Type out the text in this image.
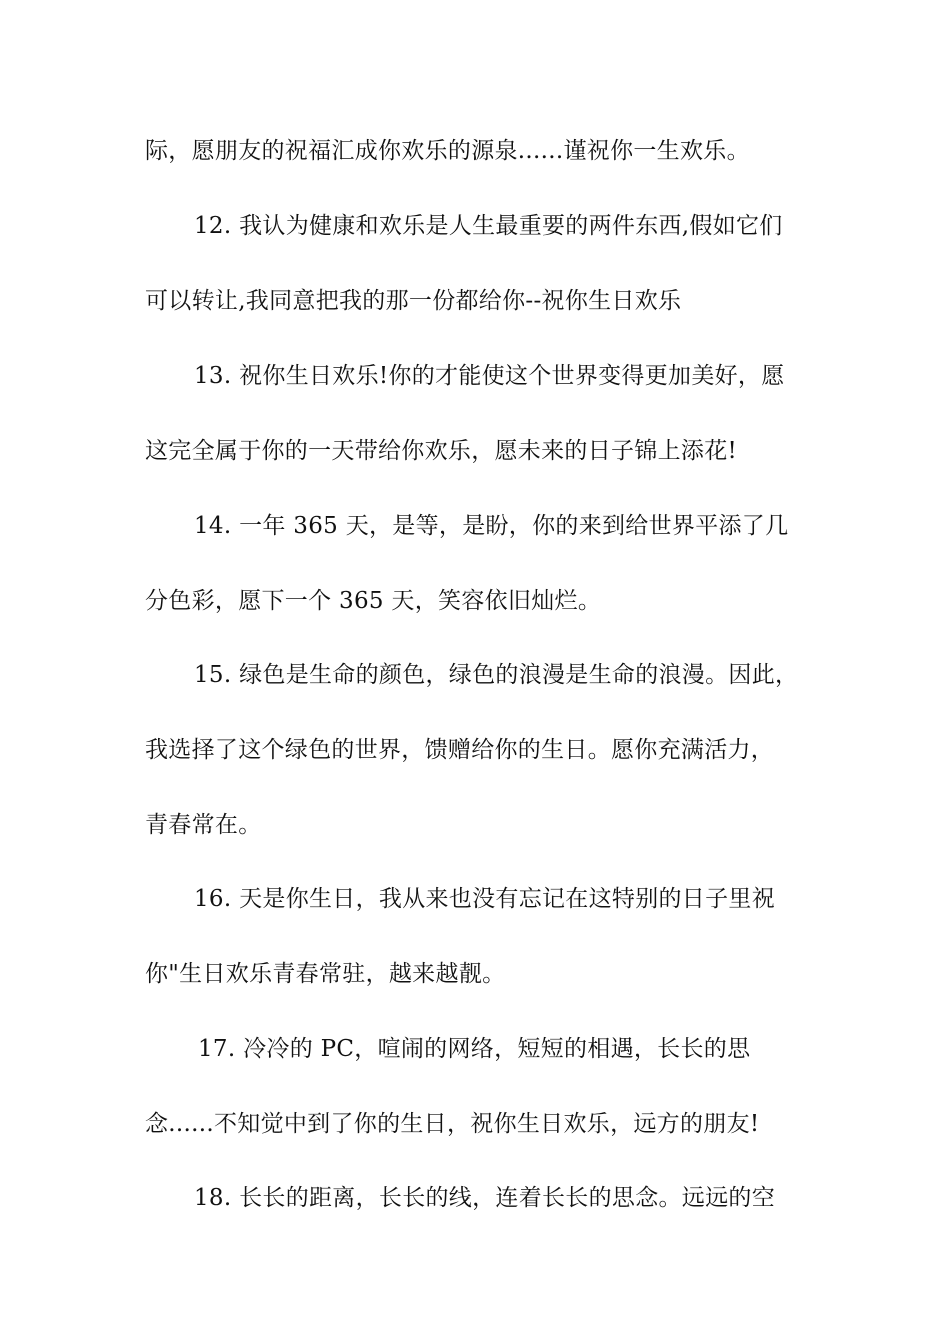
际，愿朋友的祝福汇成你欢乐的源泉......谨祝你一生欢乐。
12. 我认为健康和欢乐是人生最重要的两件东西,假如它们
可以转让,我同意把我的那一份都给你--祝你生日欢乐
13. 祝你生日欢乐!你的才能使这个世界变得更加美好，愿
这完全属于你的一天带给你欢乐，愿未来的日子锦上添花!
14. 一年 365 天，是等，是盼，你的来到给世界平添了几
分色彩，愿下一个 365 天，笑容依旧灿烂。
15. 绿色是生命的颜色，绿色的浪漫是生命的浪漫。因此，
我选择了这个绿色的世界，馈赠给你的生日。愿你充满活力，
青春常在。
16. 天是你生日，我从来也没有忘记在这特别的日子里祝
你"生日欢乐青春常驻，越来越靓。
17. 冷冷的 PC，喧闹的网络，短短的相遇，长长的思
念......不知觉中到了你的生日，祝你生日欢乐，远方的朋友!
18. 长长的距离，长长的线，连着长长的思念。远远的空
